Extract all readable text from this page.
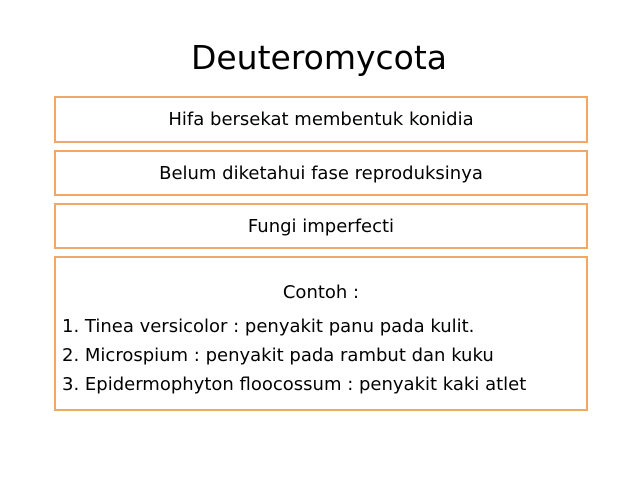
Deuteromycota
Hifa bersekat membentuk konidia
Belum diketahui fase reproduksinya
Fungi imperfecti
Contoh :
1. Tinea versicolor : penyakit panu pada kulit.
2. Microspium : penyakit pada rambut dan kuku
3. Epidermophyton floocossum : penyakit kaki atlet
